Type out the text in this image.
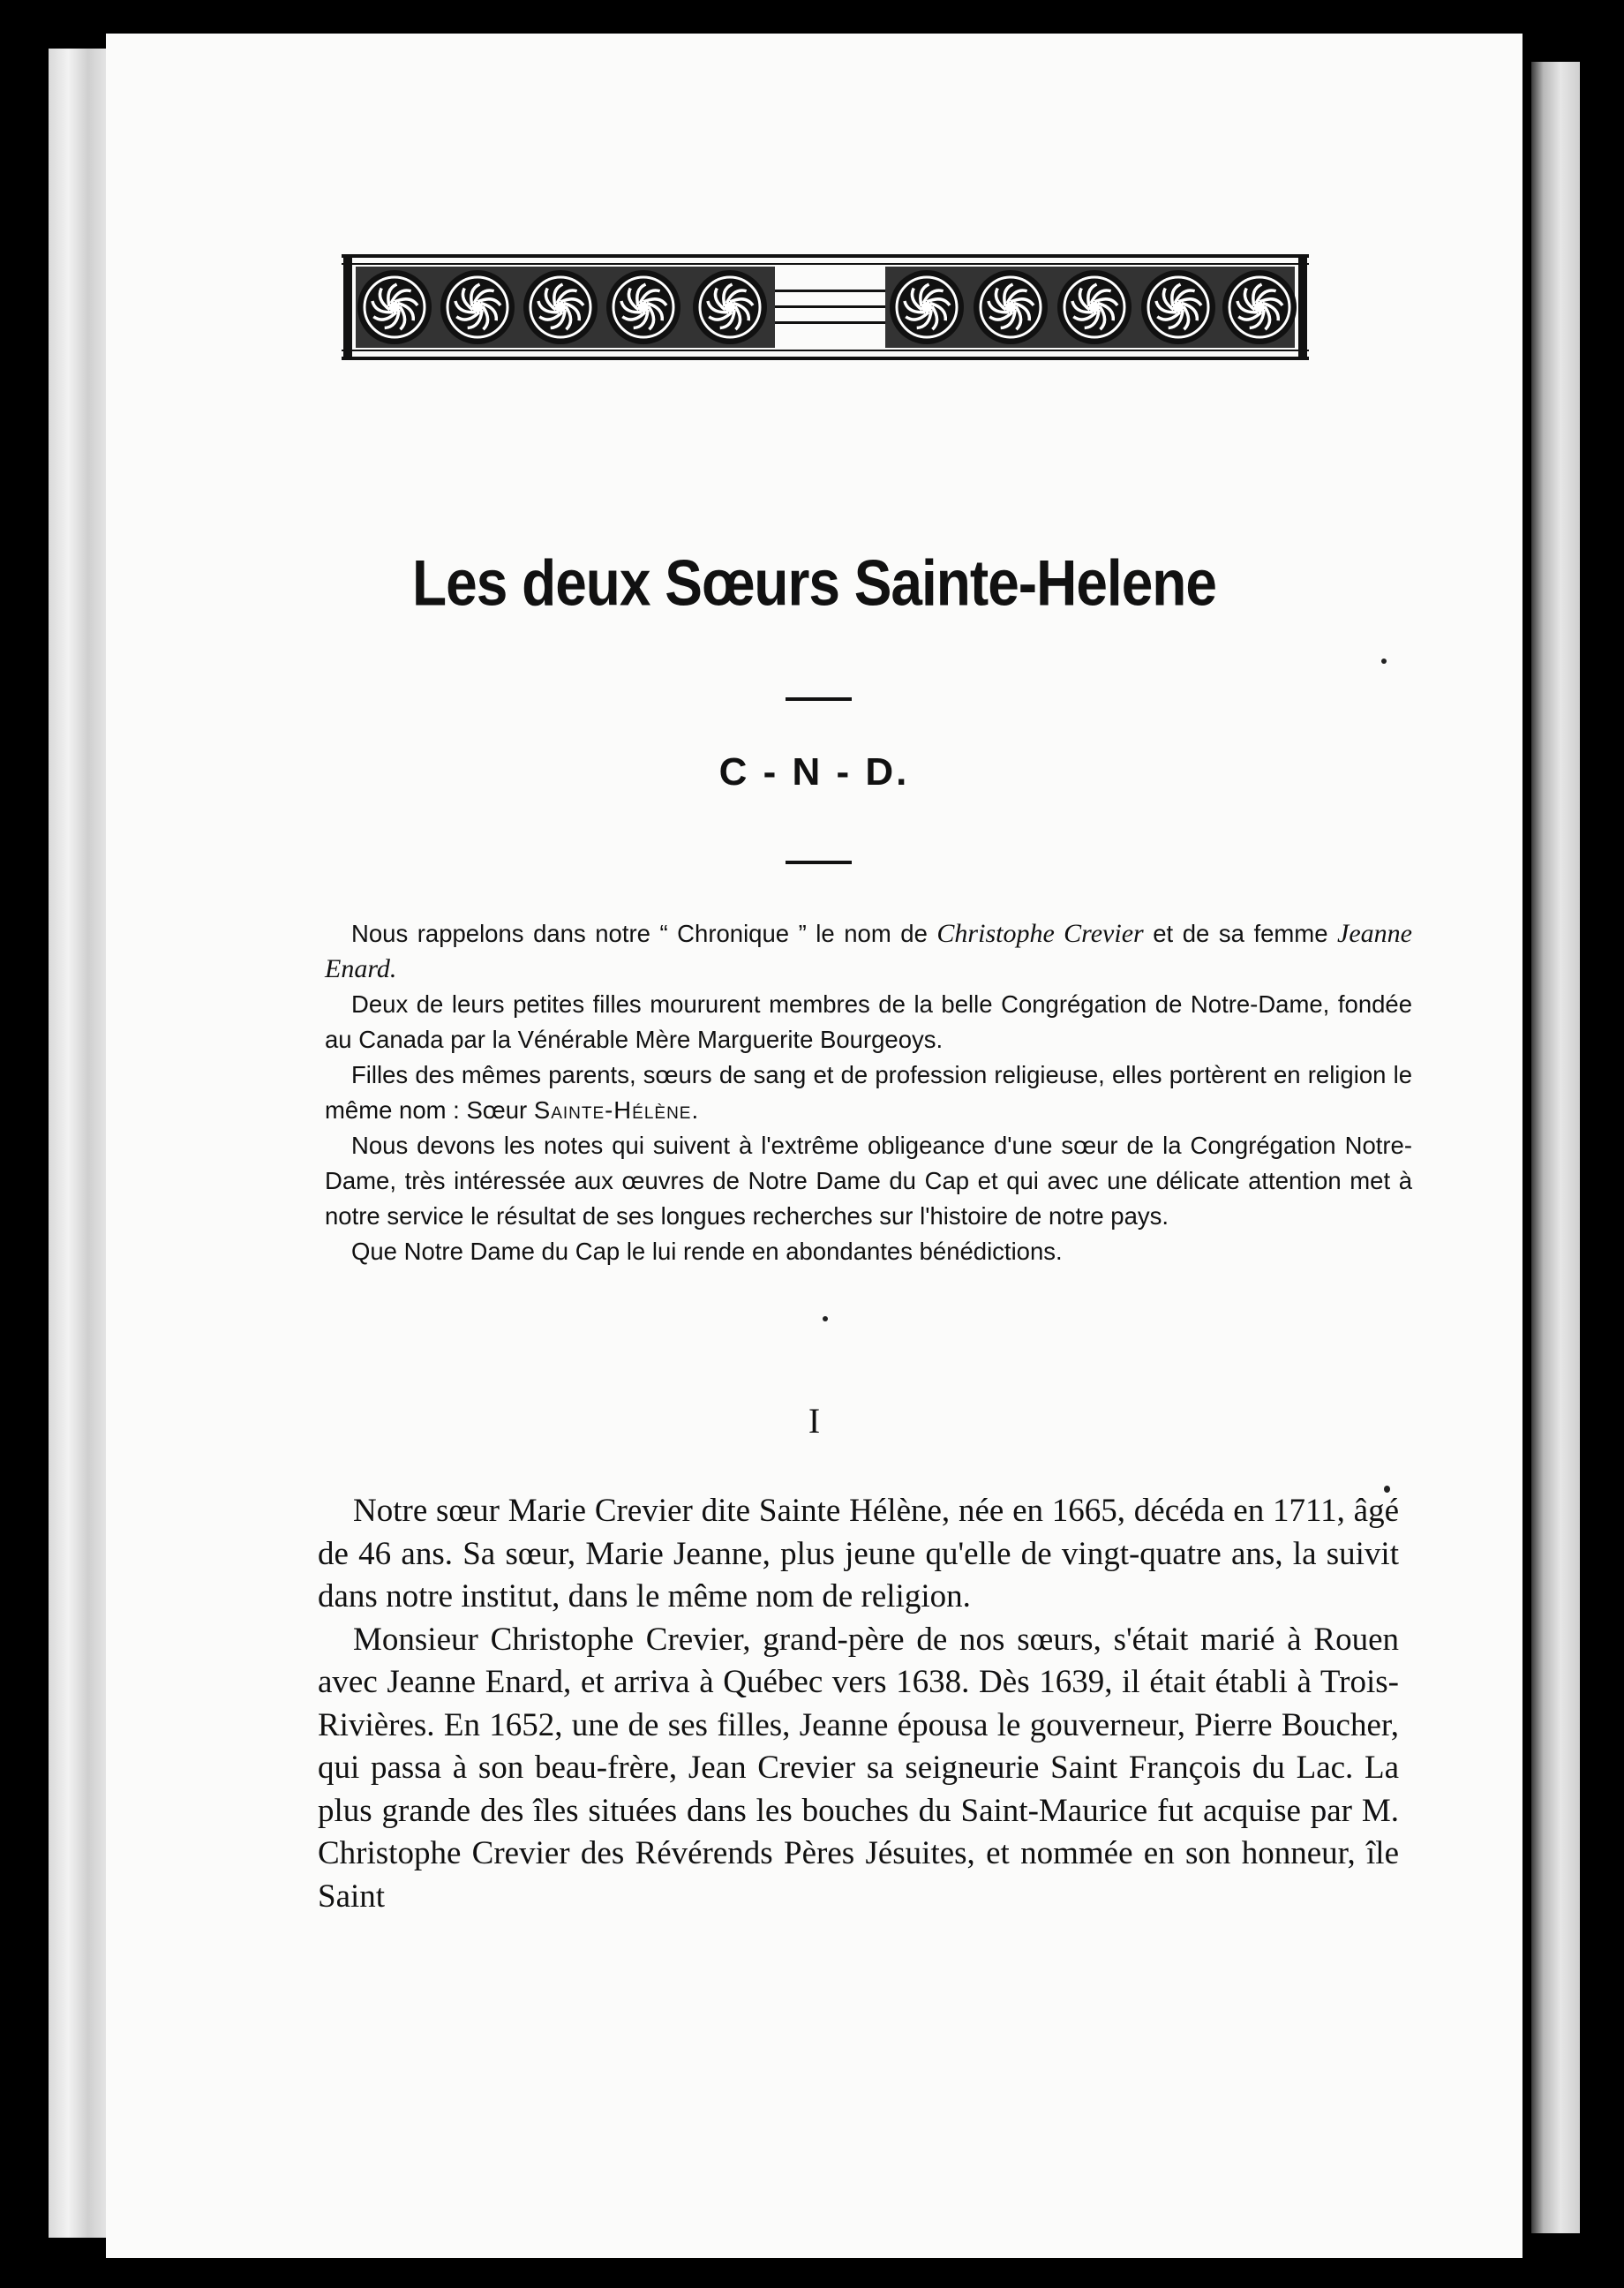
Les deux Sœurs Sainte-Helene
C - N - D.

Nous rappelons dans notre “ Chronique ” le nom de Christophe Crevier et de sa femme Jeanne Enard.

Deux de leurs petites filles moururent membres de la belle Congrégation de Notre-Dame, fondée au Canada par la Vénérable Mère Marguerite Bourgeoys.

Filles des mêmes parents, sœurs de sang et de profession religieuse, elles portèrent en religion le même nom : Sœur Sainte-Hélène.

Nous devons les notes qui suivent à l'extrême obligeance d'une sœur de la Congrégation Notre-Dame, très intéressée aux œuvres de Notre Dame du Cap et qui avec une délicate attention met à notre service le résultat de ses longues recherches sur l'histoire de notre pays.

Que Notre Dame du Cap le lui rende en abondantes bénédictions.

I

Notre sœur Marie Crevier dite Sainte Hélène, née en 1665, décéda en 1711, âgé de 46 ans. Sa sœur, Marie Jeanne, plus jeune qu'elle de vingt-quatre ans, la suivit dans notre institut, dans le même nom de religion.

Monsieur Christophe Crevier, grand-père de nos sœurs, s'était marié à Rouen avec Jeanne Enard, et arriva à Québec vers 1638. Dès 1639, il était établi à Trois-Rivières. En 1652, une de ses filles, Jeanne épousa le gouverneur, Pierre Boucher, qui passa à son beau-frère, Jean Crevier sa seigneurie Saint François du Lac. La plus grande des îles situées dans les bouches du Saint-Maurice fut acquise par M. Christophe Crevier des Révérends Pères Jésuites, et nommée en son honneur, île Saint
